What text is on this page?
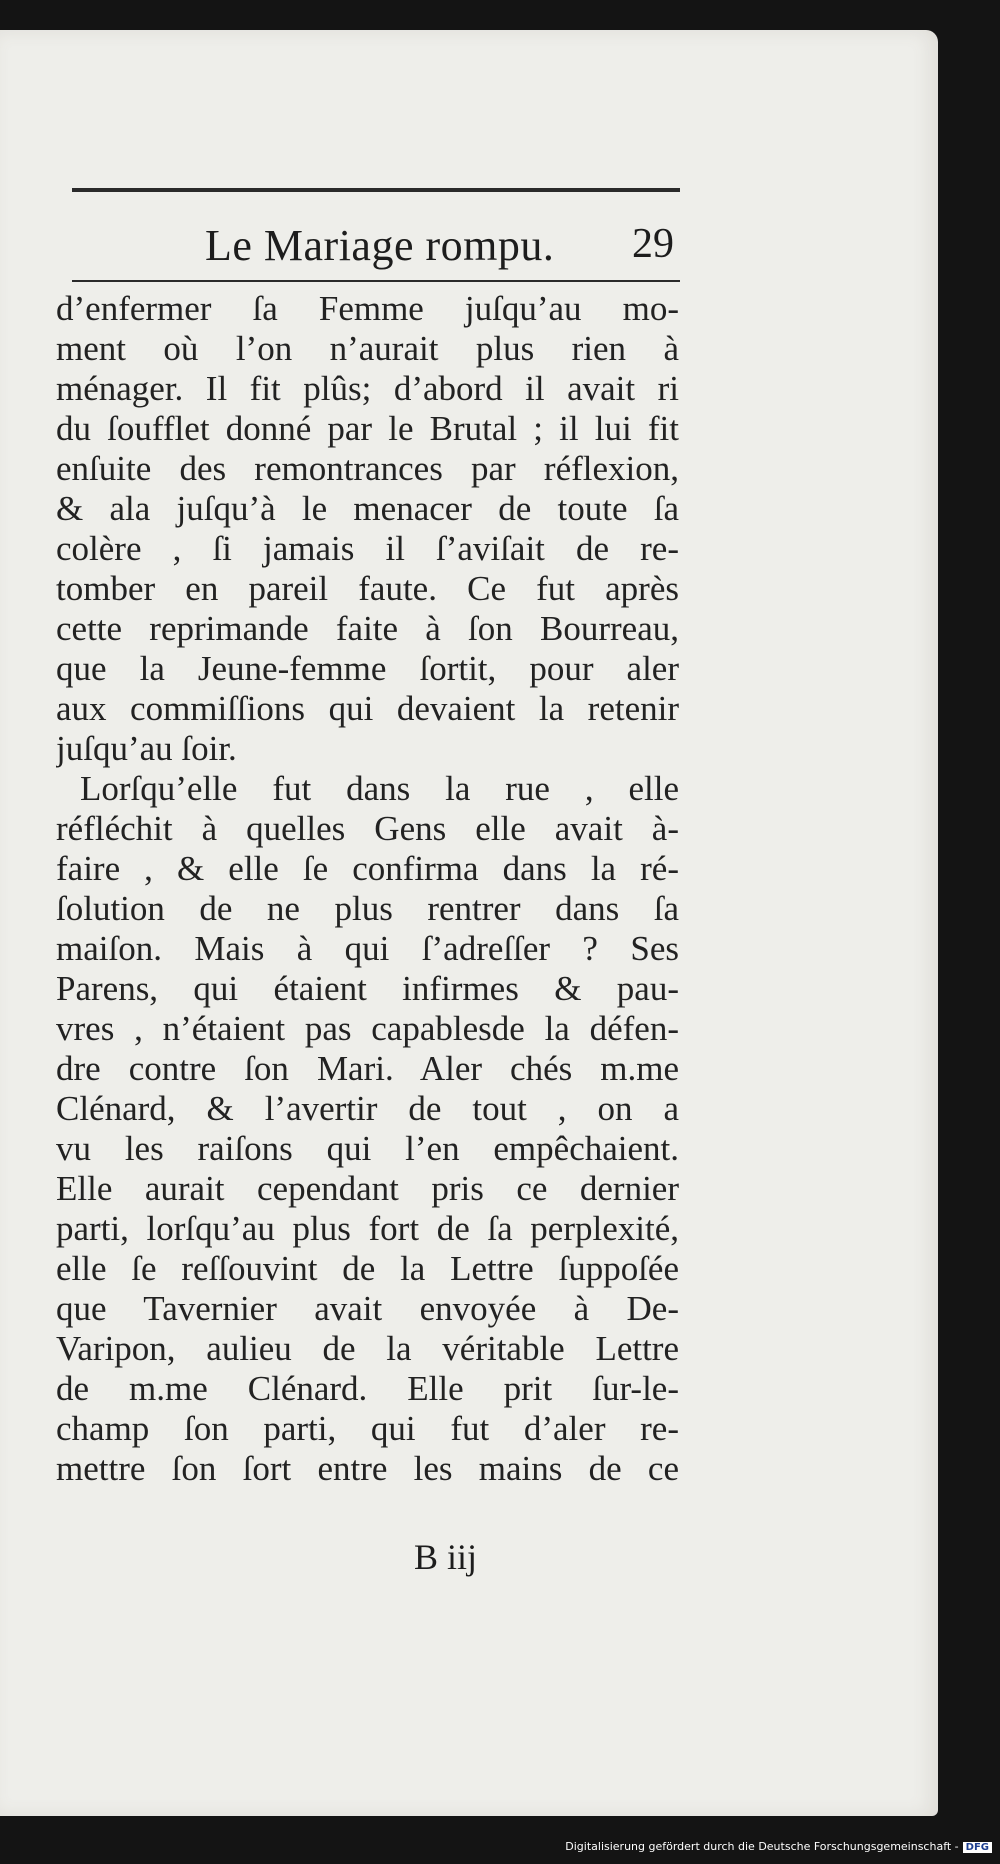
Le Mariage rompu. 29
d’enfermer ſa Femme juſqu’au mo-
ment où l’on n’aurait plus rien à
ménager. Il fit plûs; d’abord il avait ri
du ſoufflet donné par le Brutal ; il lui fit
enſuite des remontrances par réflexion,
& ala juſqu’à le menacer de toute ſa
colère , ſi jamais il ſ’aviſait de re-
tomber en pareil faute. Ce fut après
cette reprimande faite à ſon Bourreau,
que la Jeune-femme ſortit, pour aler
aux commiſſions qui devaient la retenir
juſqu’au ſoir.
Lorſqu’elle fut dans la rue , elle
réfléchit à quelles Gens elle avait à-
faire , & elle ſe confirma dans la ré-
ſolution de ne plus rentrer dans ſa
maiſon. Mais à qui ſ’adreſſer ? Ses
Parens, qui étaient infirmes & pau-
vres , n’étaient pas capablesde la défen-
dre contre ſon Mari. Aler chés m.me
Clénard, & l’avertir de tout , on a
vu les raiſons qui l’en empêchaient.
Elle aurait cependant pris ce dernier
parti, lorſqu’au plus fort de ſa perplexité,
elle ſe reſſouvint de la Lettre ſuppoſée
que Tavernier avait envoyée à De-
Varipon, aulieu de la véritable Lettre
de m.me Clénard. Elle prit ſur-le-
champ ſon parti, qui fut d’aler re-
mettre ſon ſort entre les mains de ce
B iij
Digitalisierung gefördert durch die Deutsche Forschungsgemeinschaft - DFG
